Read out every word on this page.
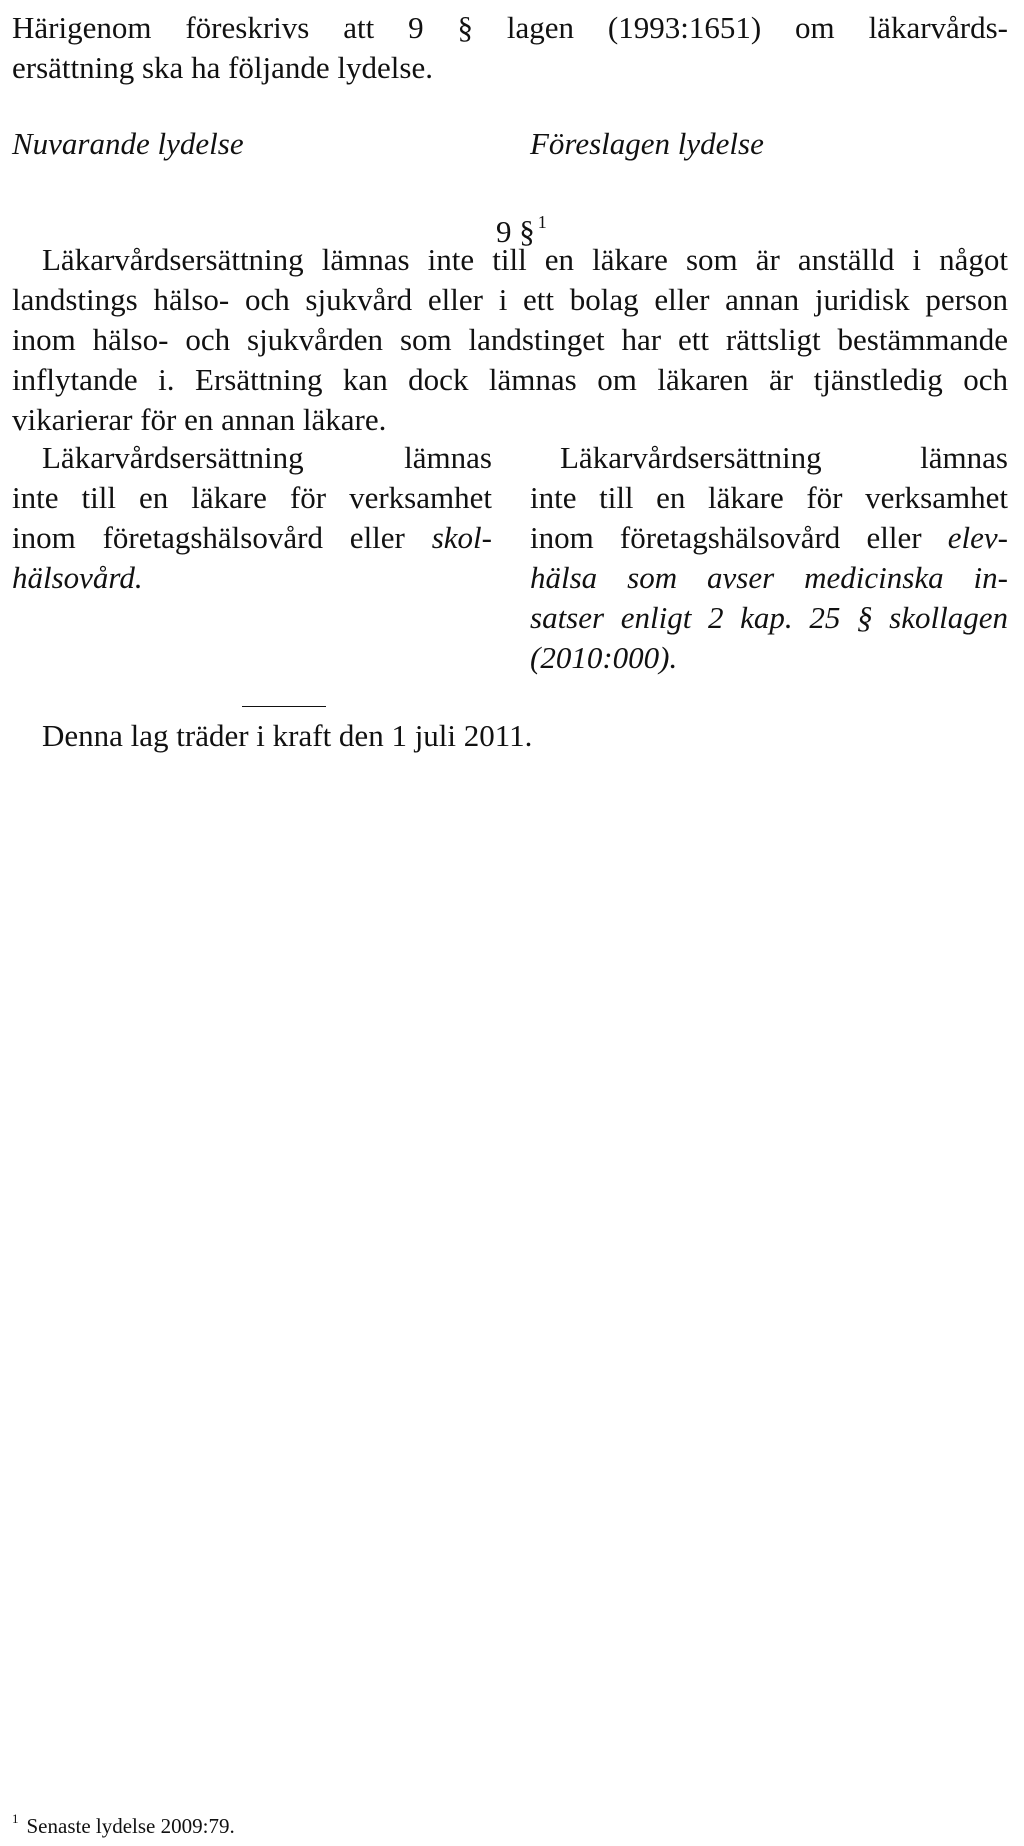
Härigenom föreskrivs att 9 § lagen (1993:1651) om läkarvårds-
ersättning ska ha följande lydelse.
Nuvarande lydelse	Föreslagen lydelse
9 § $^1$
Läkarvårdsersättning lämnas inte till en läkare som är anställd i något
landstings hälso- och sjukvård eller i ett bolag eller annan juridisk person
inom hälso- och sjukvården som landstinget har ett rättsligt bestämmande
inflytande i. Ersättning kan dock lämnas om läkaren är tjänstledig och
vikarierar för en annan läkare.
Läkarvårdsersättning lämnas
inte till en läkare för verksamhet
inom företagshälsovård eller skol-
hälsovård.
Läkarvårdsersättning lämnas
inte till en läkare för verksamhet
inom företagshälsovård eller elev-
hälsa som avser medicinska in-
satser enligt 2 kap. 25 § skollagen
(2010:000).
Denna lag träder i kraft den 1 juli 2011.
$^1$ Senaste lydelse 2009:79.
